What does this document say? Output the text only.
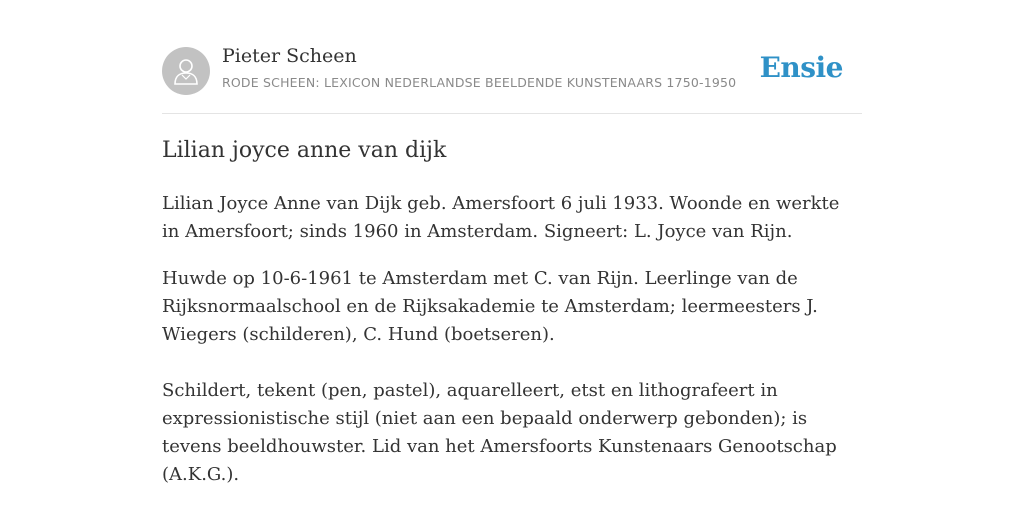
Pieter Scheen
RODE SCHEEN: LEXICON NEDERLANDSE BEELDENDE KUNSTENAARS 1750-1950 Ensie
Lilian joyce anne van dijk

Lilian Joyce Anne van Dijk geb. Amersfoort 6 juli 1933. Woonde en werkte in Amersfoort; sinds 1960 in Amsterdam. Signeert: L. Joyce van Rijn.

Huwde op 10-6-1961 te Amsterdam met C. van Rijn. Leerlinge van de Rijksnormaalschool en de Rijksakademie te Amsterdam; leermeesters J. Wiegers (schilderen), C. Hund (boetseren).

Schildert, tekent (pen, pastel), aquarelleert, etst en lithografeert in expressionistische stijl (niet aan een bepaald onderwerp gebonden); is tevens beeldhouwster. Lid van het Amersfoorts Kunstenaars Genootschap (A.K.G.).
